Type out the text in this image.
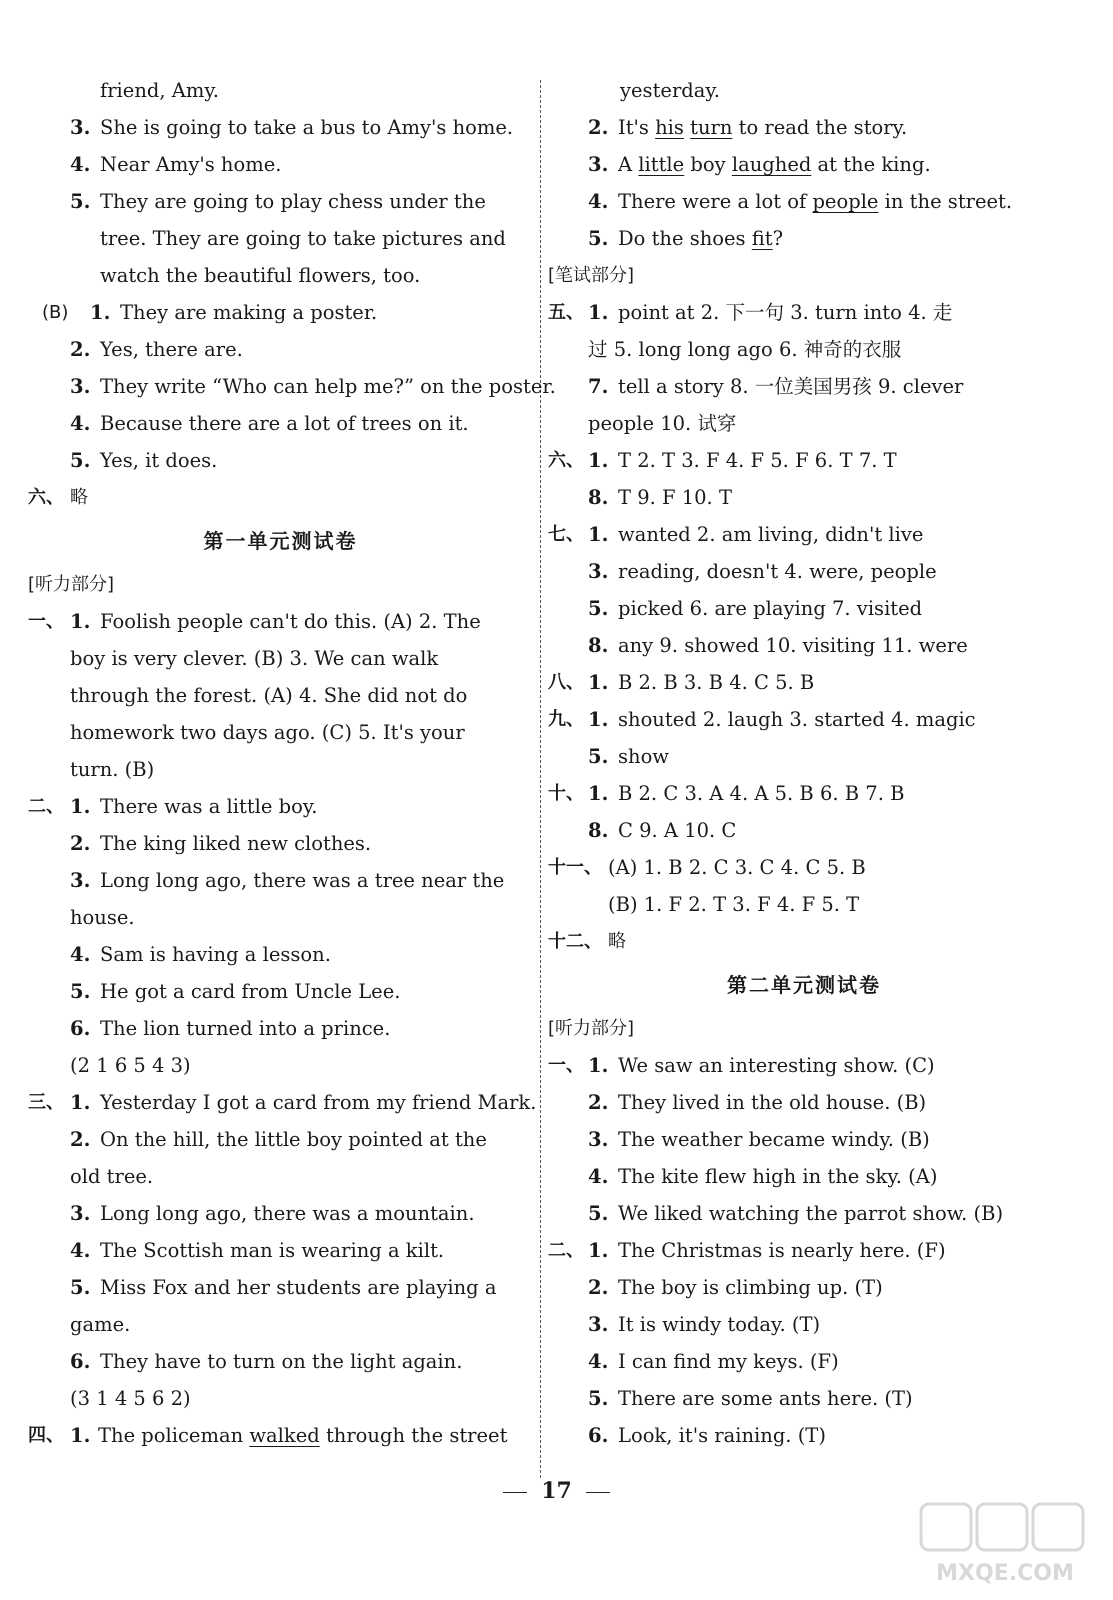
friend, Amy.
3. She is going to take a bus to Amy's home.
4. Near Amy's home.
5. They are going to play chess under the
tree. They are going to take pictures and
watch the beautiful flowers, too.
(B) 1. They are making a poster.
2. Yes, there are.
3. They write “Who can help me?” on the poster.
4. Because there are a lot of trees on it.
5. Yes, it does.
六、 略
第一单元测试卷
[听力部分]
一、 1. Foolish people can't do this. (A) 2. The
boy is very clever. (B) 3. We can walk
through the forest. (A) 4. She did not do
homework two days ago. (C) 5. It's your
turn. (B)
二、 1. There was a little boy.
2. The king liked new clothes.
3. Long long ago, there was a tree near the
house.
4. Sam is having a lesson.
5. He got a card from Uncle Lee.
6. The lion turned into a prince.
(2 1 6 5 4 3)
三、 1. Yesterday I got a card from my friend Mark.
2. On the hill, the little boy pointed at the
old tree.
3. Long long ago, there was a mountain.
4. The Scottish man is wearing a kilt.
5. Miss Fox and her students are playing a
game.
6. They have to turn on the light again.
(3 1 4 5 6 2)
四、 1. The policeman walked through the street
yesterday.
2. It's his turn to read the story.
3. A little boy laughed at the king.
4. There were a lot of people in the street.
5. Do the shoes fit?
[笔试部分]
五、 1. point at 2. 下一句 3. turn into 4. 走
过 5. long long ago 6. 神奇的衣服
7. tell a story 8. 一位美国男孩 9. clever
people 10. 试穿
六、 1. T 2. T 3. F 4. F 5. F 6. T 7. T
8. T 9. F 10. T
七、 1. wanted 2. am living, didn't live
3. reading, doesn't 4. were, people
5. picked 6. are playing 7. visited
8. any 9. showed 10. visiting 11. were
八、 1. B 2. B 3. B 4. C 5. B
九、 1. shouted 2. laugh 3. started 4. magic
5. show
十、 1. B 2. C 3. A 4. A 5. B 6. B 7. B
8. C 9. A 10. C
十一、 (A) 1. B 2. C 3. C 4. C 5. B
(B) 1. F 2. T 3. F 4. F 5. T
十二、 略
第二单元测试卷
[听力部分]
一、 1. We saw an interesting show. (C)
2. They lived in the old house. (B)
3. The weather became windy. (B)
4. The kite flew high in the sky. (A)
5. We liked watching the parrot show. (B)
二、 1. The Christmas is nearly here. (F)
2. The boy is climbing up. (T)
3. It is windy today. (T)
4. I can find my keys. (F)
5. There are some ants here. (T)
6. Look, it's raining. (T)
17
MXQE.COM
